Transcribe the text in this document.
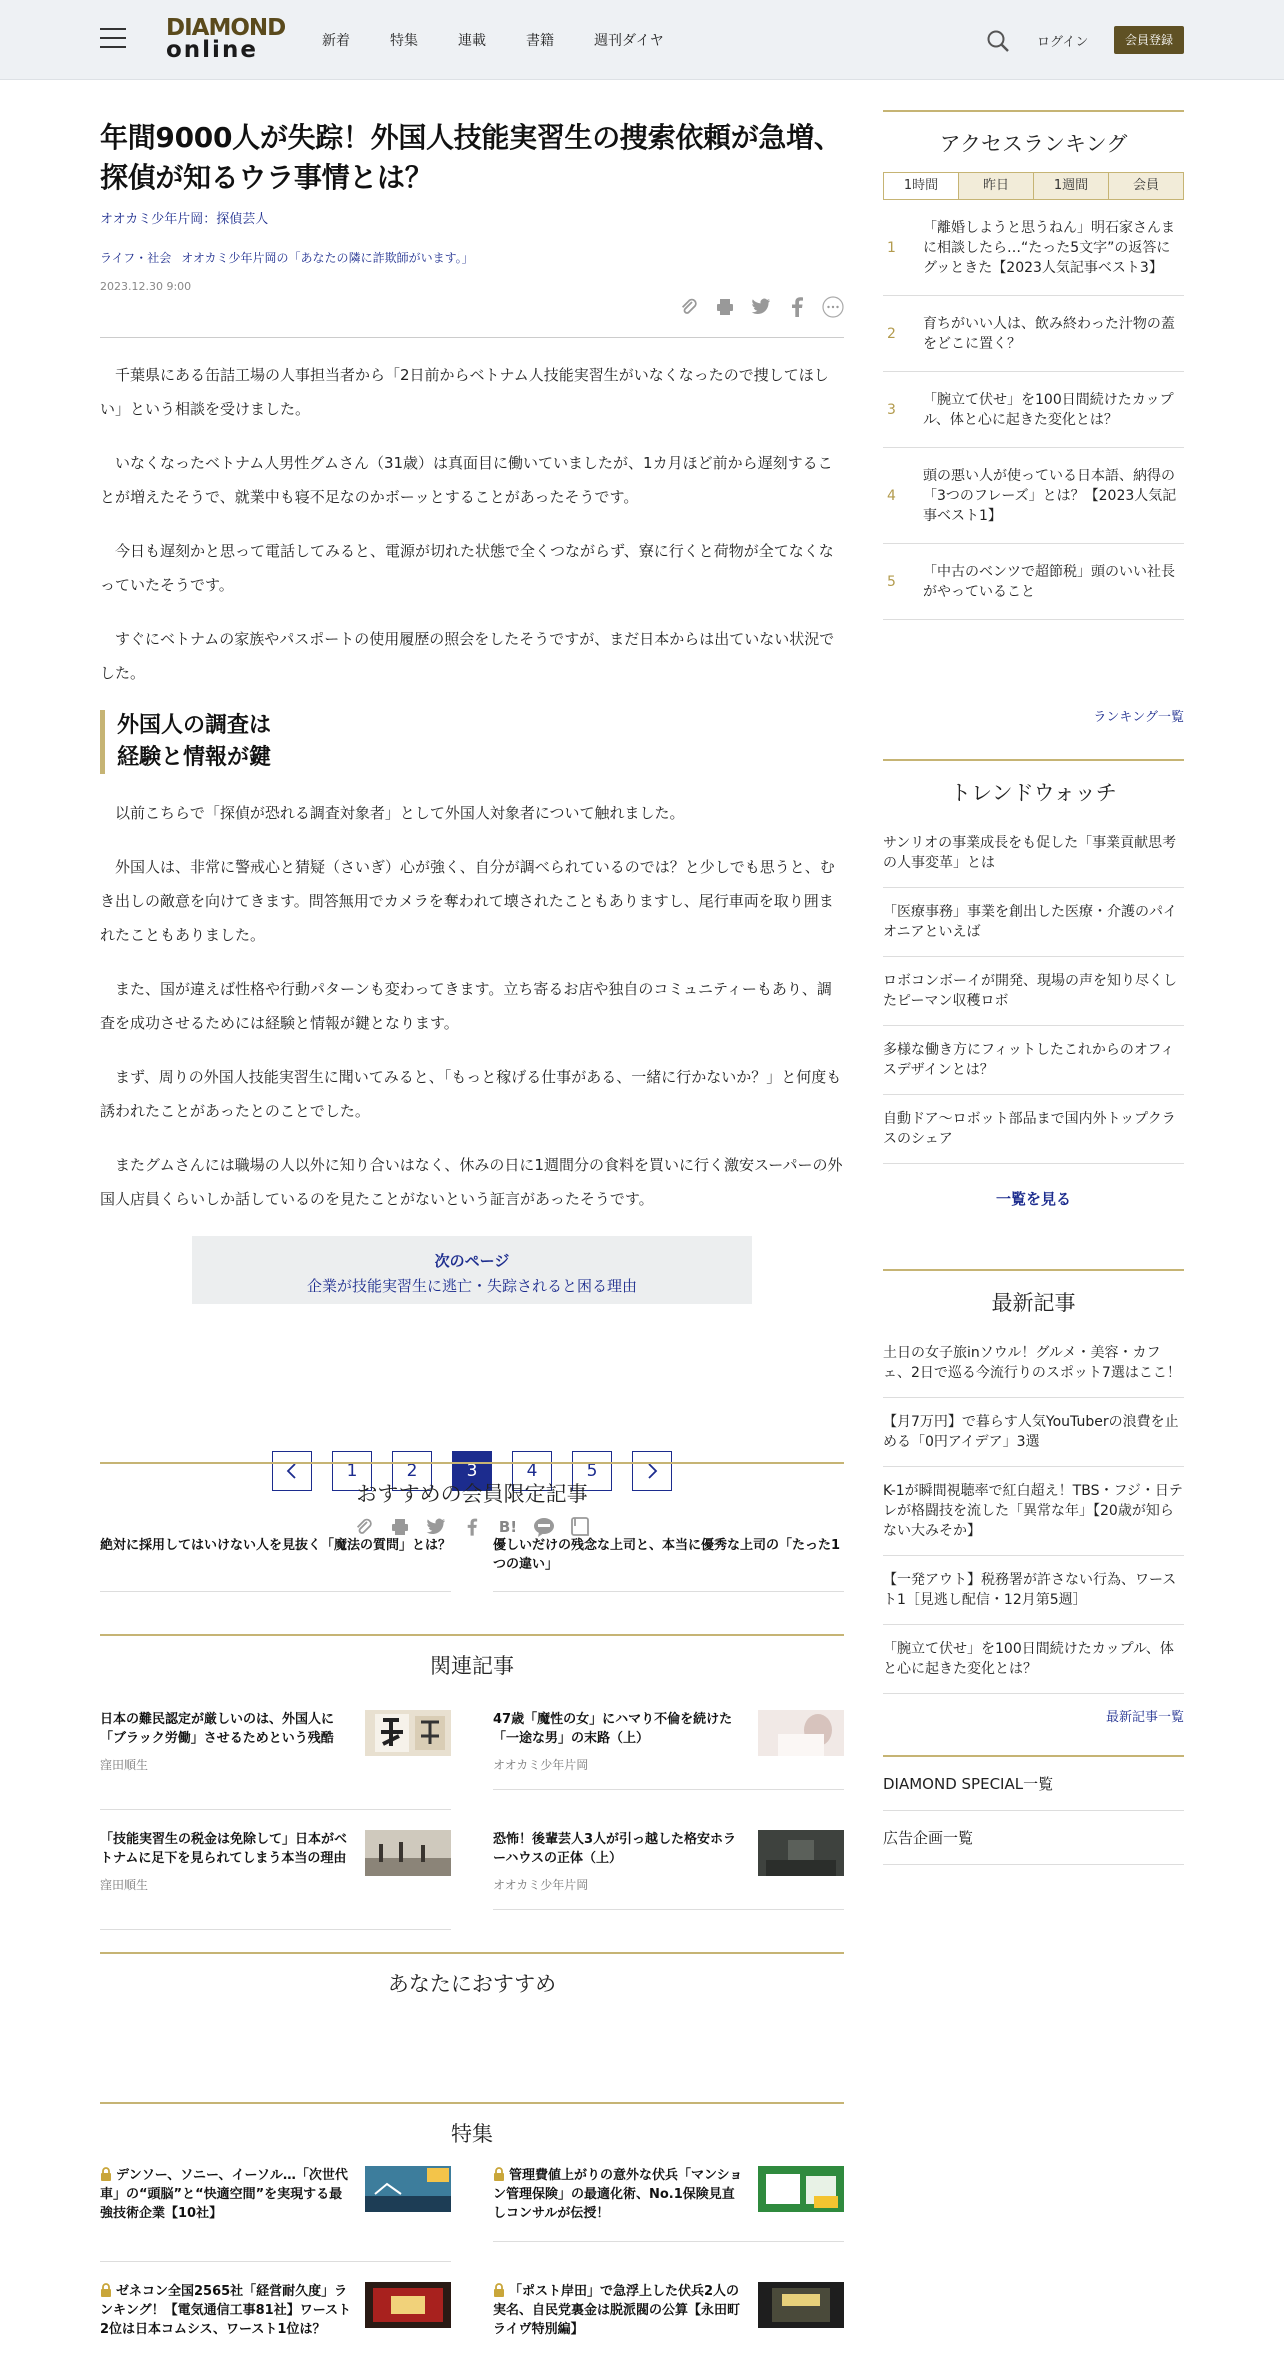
DIAMOND
online	新着	特集	連載	書籍	週刊ダイヤ	ログイン	会員登録
年間9000人が失踪！外国人技能実習生の捜索依頼が急増、探偵が知るウラ事情とは？
オオカミ少年片岡：探偵芸人
ライフ・社会 オオカミ少年片岡の「あなたの隣に詐欺師がいます。」
2023.12.30 9:00

千葉県にある缶詰工場の人事担当者から「2日前からベトナム人技能実習生がいなくなったので捜してほしい」という相談を受けました。

いなくなったベトナム人男性グムさん（31歳）は真面目に働いていましたが、1カ月ほど前から遅刻することが増えたそうで、就業中も寝不足なのかボーッとすることがあったそうです。

今日も遅刻かと思って電話してみると、電源が切れた状態で全くつながらず、寮に行くと荷物が全てなくなっていたそうです。

すぐにベトナムの家族やパスポートの使用履歴の照会をしたそうですが、まだ日本からは出ていない状況でした。

外国人の調査は
経験と情報が鍵

以前こちらで「探偵が恐れる調査対象者」として外国人対象者について触れました。

外国人は、非常に警戒心と猜疑（さいぎ）心が強く、自分が調べられているのでは？と少しでも思うと、むき出しの敵意を向けてきます。問答無用でカメラを奪われて壊されたこともありますし、尾行車両を取り囲まれたこともありました。

また、国が違えば性格や行動パターンも変わってきます。立ち寄るお店や独自のコミュニティーもあり、調査を成功させるためには経験と情報が鍵となります。

まず、周りの外国人技能実習生に聞いてみると、「もっと稼げる仕事がある、一緒に行かないか？」と何度も誘われたことがあったとのことでした。

またグムさんには職場の人以外に知り合いはなく、休みの日に1週間分の食料を買いに行く激安スーパーの外国人店員くらいしか話しているのを見たことがないという証言があったそうです。

次のページ
企業が技能実習生に逃亡・失踪されると困る理由
1	2	3	4	5
B!
おすすめの会員限定記事
絶対に採用してはいけない人を見抜く「魔法の質問」とは？	優しいだけの残念な上司と、本当に優秀な上司の「たった1つの違い」
関連記事
日本の難民認定が厳しいのは、外国人に「ブラック労働」させるためという残酷
窪田順生
47歳「魔性の女」にハマり不倫を続けた「一途な男」の末路（上）
オオカミ少年片岡
「技能実習生の税金は免除して」日本がベトナムに足下を見られてしまう本当の理由
窪田順生
恐怖！後輩芸人3人が引っ越した格安ホラーハウスの正体（上）
オオカミ少年片岡
あなたにおすすめ
特集
デンソー、ソニー、イーソル…「次世代車」の“頭脳”と“快適空間”を実現する最強技術企業【10社】
管理費値上がりの意外な伏兵「マンション管理保険」の最適化術、No.1保険見直しコンサルが伝授！
ゼネコン全国2565社「経営耐久度」ランキング！【電気通信工事81社】ワースト2位は日本コムシス、ワースト1位は？
「ポスト岸田」で急浮上した伏兵2人の実名、自民党裏金は脱派閥の公算【永田町ライヴ特別編】
アクセスランキング
1時間	昨日	1週間	会員
1
「離婚しようと思うねん」明石家さんまに相談したら…“たった5文字”の返答にグッときた【2023人気記事ベスト3】
2
育ちがいい人は、飲み終わった汁物の蓋をどこに置く？
3
「腕立て伏せ」を100日間続けたカップル、体と心に起きた変化とは？
4
頭の悪い人が使っている日本語、納得の「3つのフレーズ」とは？【2023人気記事ベスト1】
5
「中古のベンツで超節税」頭のいい社長がやっていること
ランキング一覧
トレンドウォッチ
サンリオの事業成長をも促した「事業貢献思考の人事変革」とは
「医療事務」事業を創出した医療・介護のパイオニアといえば
ロボコンボーイが開発、現場の声を知り尽くしたピーマン収穫ロボ
多様な働き方にフィットしたこれからのオフィスデザインとは？
自動ドア〜ロボット部品まで国内外トップクラスのシェア
一覧を見る
最新記事
土日の女子旅inソウル！グルメ・美容・カフェ、2日で巡る今流行りのスポット7選はここ！
【月7万円】で暮らす人気YouTuberの浪費を止める「0円アイデア」3選
K-1が瞬間視聴率で紅白超え！TBS・フジ・日テレが格闘技を流した「異常な年」【20歳が知らない大みそか】
【一発アウト】税務署が許さない行為、ワースト1［見逃し配信・12月第5週］
「腕立て伏せ」を100日間続けたカップル、体と心に起きた変化とは？
最新記事一覧
DIAMOND SPECIAL一覧
広告企画一覧
